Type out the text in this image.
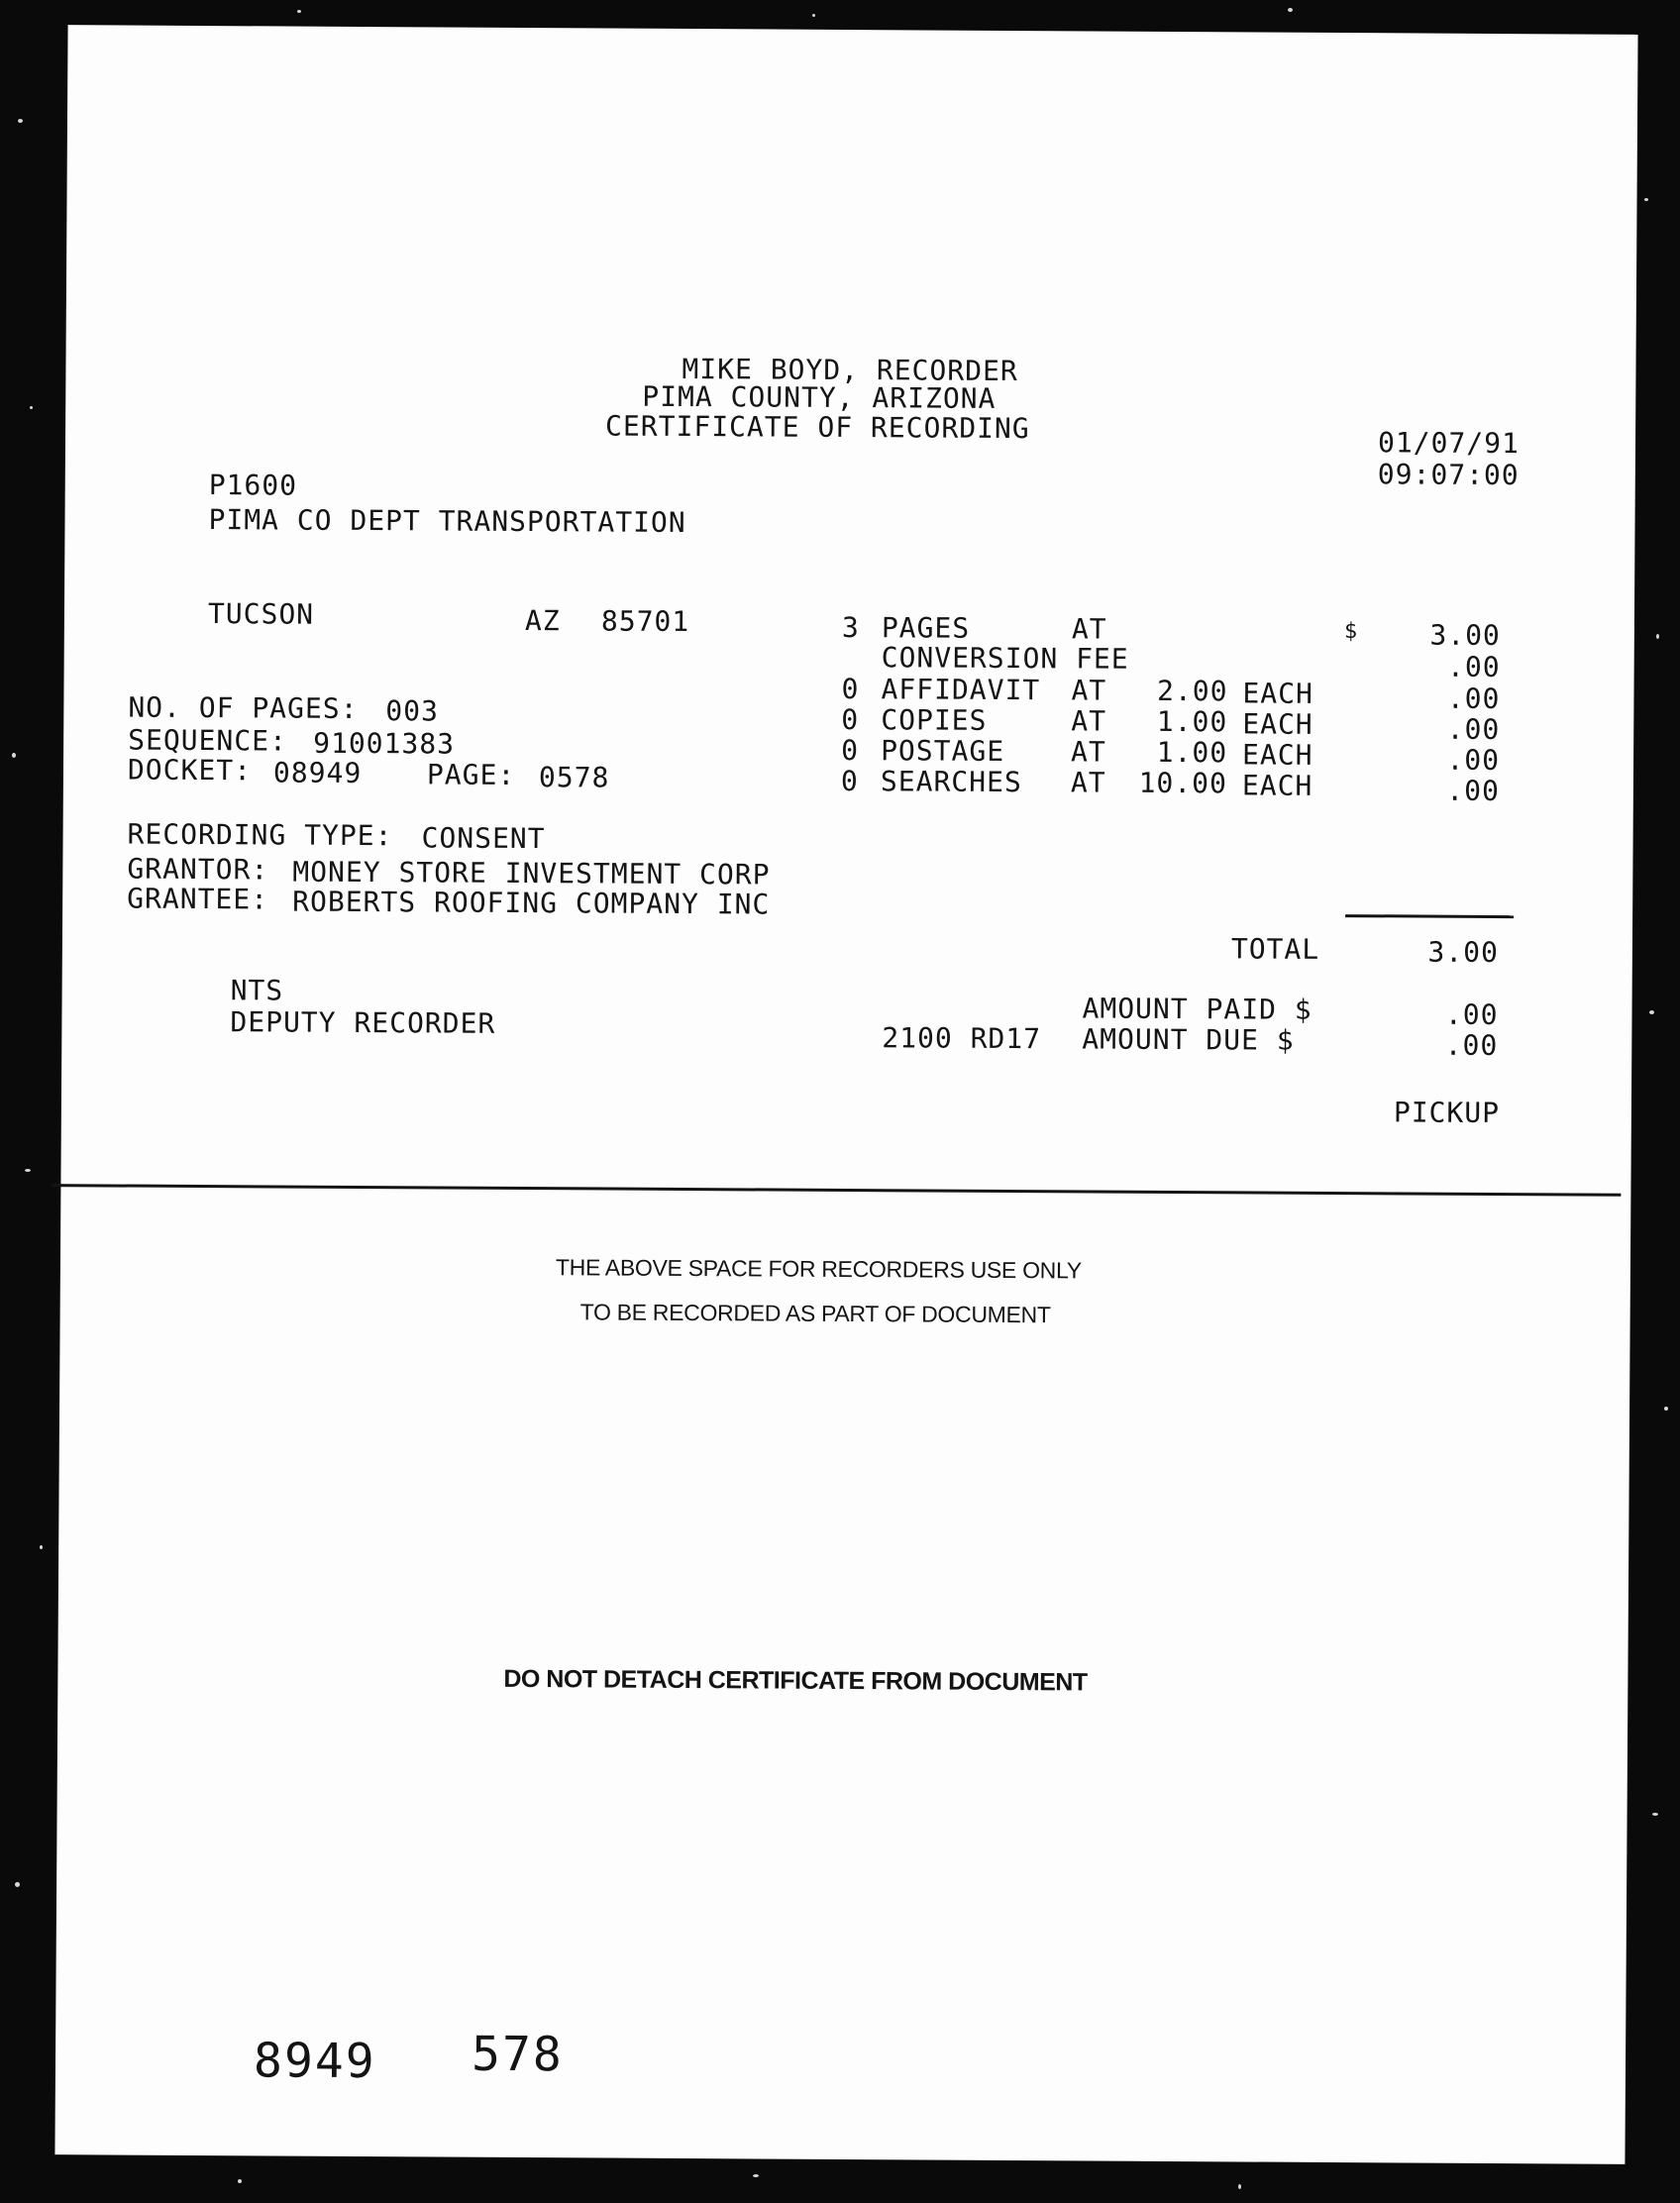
MIKE BOYD, RECORDER
PIMA COUNTY, ARIZONA
CERTIFICATE OF RECORDING	01/07/91
09:07:00
P1600
PIMA CO DEPT TRANSPORTATION
TUCSON	AZ 85701
NO. OF PAGES: 003
SEQUENCE: 91001383
DOCKET: 08949 PAGE: 0578
RECORDING TYPE: CONSENT
GRANTOR: MONEY STORE INVESTMENT CORP
GRANTEE: ROBERTS ROOFING COMPANY INC
3 PAGES	AT	$	3.00
CONVERSION FEE	.00
0 AFFIDAVIT AT	2.00 EACH	.00
0 COPIES	AT	1.00 EACH	.00
0 POSTAGE AT	1.00 EACH	.00
0 SEARCHES AT 10.00 EACH	.00
TOTAL	3.00
NTS
DEPUTY RECORDER	AMOUNT PAID $	.00
2100 RD17 AMOUNT DUE $	.00
PICKUP
THE ABOVE SPACE FOR RECORDERS USE ONLY
TO BE RECORDED AS PART OF DOCUMENT
DO NOT DETACH CERTIFICATE FROM DOCUMENT
8949 578
